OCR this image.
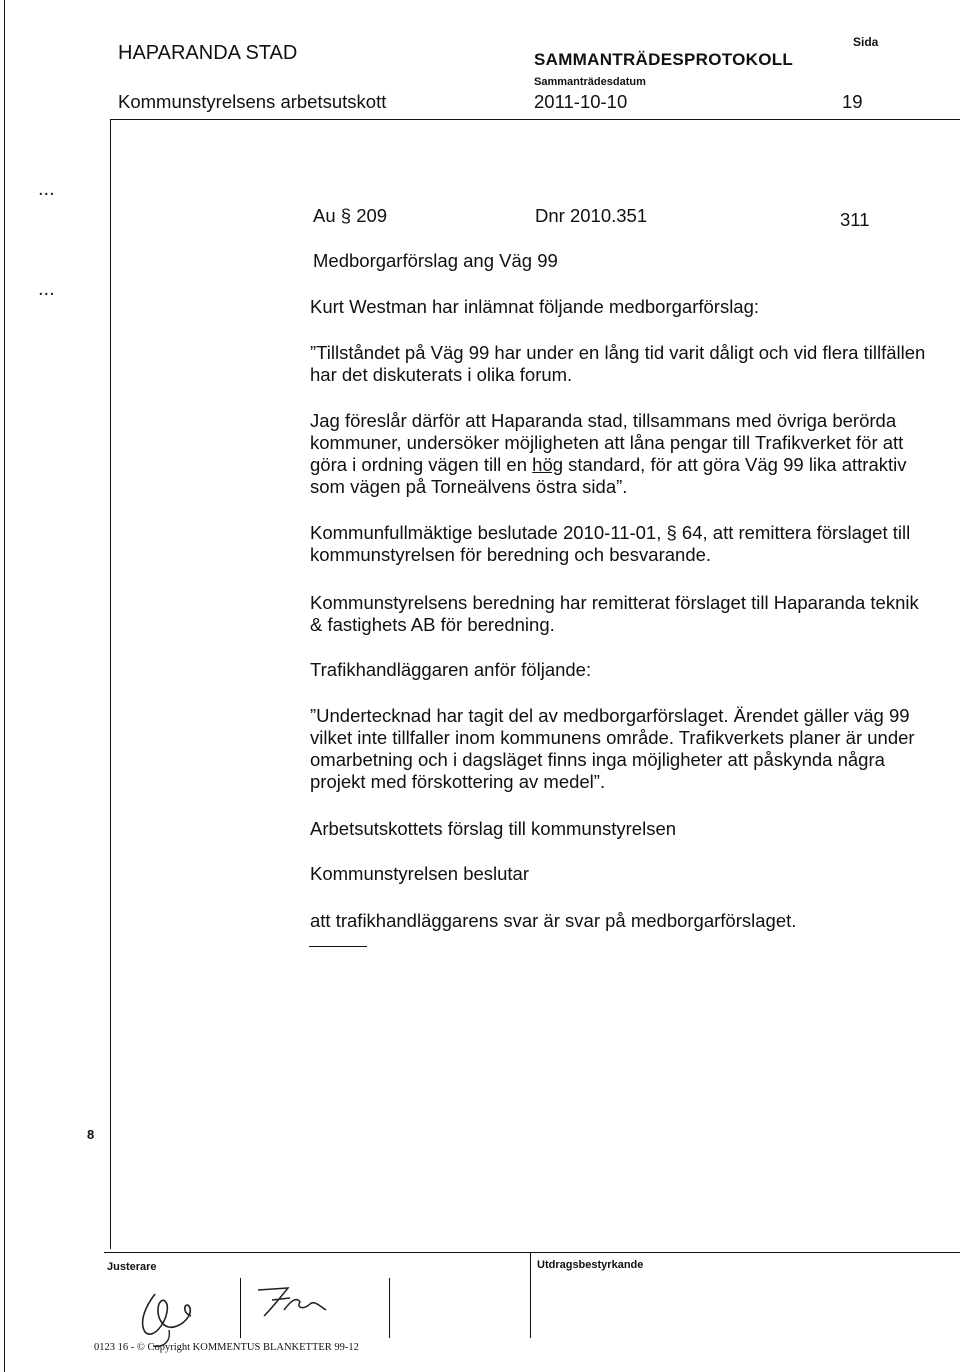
HAPARANDA STAD
Kommunstyrelsens arbetsutskott
SAMMANTRÄDESPROTOKOLL
Sammanträdesdatum
2011-10-10
Sida
19
...
...
8
Au § 209	Dnr 2010.351	311
Medborgarförslag ang Väg 99

Kurt Westman har inlämnat följande medborgarförslag:

”Tillståndet på Väg 99 har under en lång tid varit dåligt och vid flera tillfällen har det diskuterats i olika forum.

Jag föreslår därför att Haparanda stad, tillsammans med övriga berörda kommuner, undersöker möjligheten att låna pengar till Trafikverket för att göra i ordning vägen till en hög standard, för att göra Väg 99 lika attraktiv som vägen på Torneälvens östra sida”.

Kommunfullmäktige beslutade 2010-11-01, § 64, att remittera förslaget till kommunstyrelsen för beredning och besvarande.

Kommunstyrelsens beredning har remitterat förslaget till Haparanda teknik & fastighets AB för beredning.

Trafikhandläggaren anför följande:

”Undertecknad har tagit del av medborgarförslaget. Ärendet gäller väg 99 vilket inte tillfaller inom kommunens område. Trafikverkets planer är under omarbetning och i dagsläget finns inga möjligheter att påskynda några projekt med förskottering av medel”.

Arbetsutskottets förslag till kommunstyrelsen

Kommunstyrelsen beslutar

att trafikhandläggarens svar är svar på medborgarförslaget.

Justerare	Utdragsbestyrkande
0123 16 - © Copyright KOMMENTUS BLANKETTER 99-12
